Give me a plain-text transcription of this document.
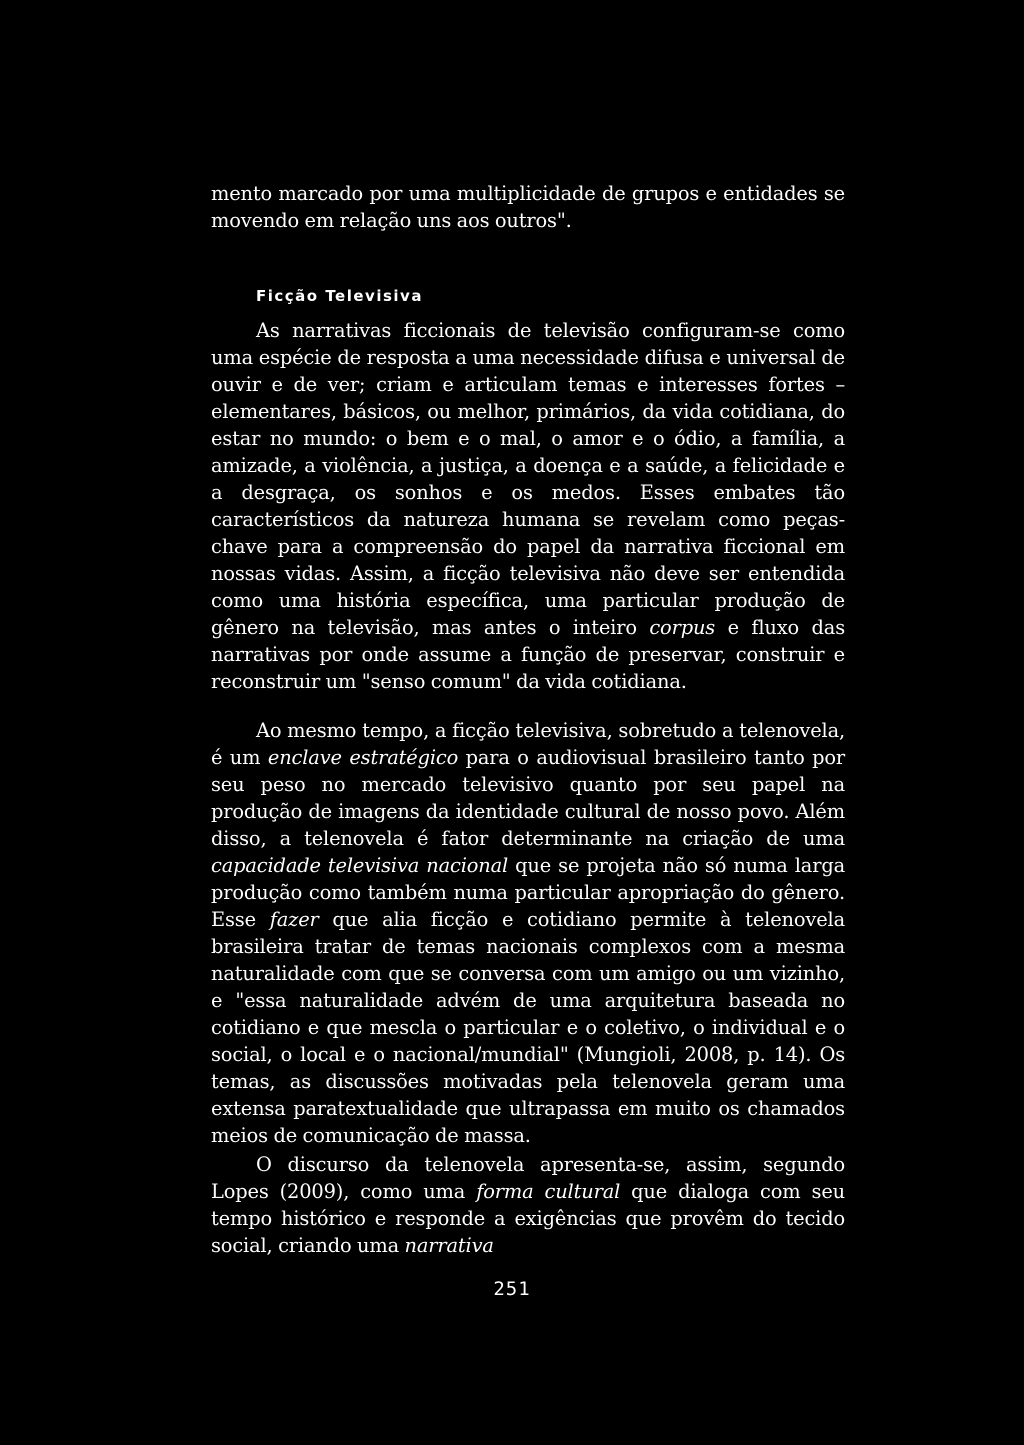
mento marcado por uma multiplicidade de grupos e entidades se movendo em relação uns aos outros".

Ficção Televisiva

As narrativas ficcionais de televisão configuram-se como uma espécie de resposta a uma necessidade difusa e universal de ouvir e de ver; criam e articulam temas e interesses fortes – elementares, básicos, ou melhor, primários, da vida cotidiana, do estar no mundo: o bem e o mal, o amor e o ódio, a família, a amizade, a violência, a justiça, a doença e a saúde, a felicidade e a desgraça, os sonhos e os medos. Esses embates tão característicos da natureza humana se revelam como peças-chave para a compreensão do papel da narrativa ficcional em nossas vidas. Assim, a ficção televisiva não deve ser entendida como uma história específica, uma particular produção de gênero na televisão, mas antes o inteiro corpus e fluxo das narrativas por onde assume a função de preservar, construir e reconstruir um "senso comum" da vida cotidiana.

Ao mesmo tempo, a ficção televisiva, sobretudo a telenovela, é um enclave estratégico para o audiovisual brasileiro tanto por seu peso no mercado televisivo quanto por seu papel na produção de imagens da identidade cultural de nosso povo. Além disso, a telenovela é fator determinante na criação de uma capacidade televisiva nacional que se projeta não só numa larga produção como também numa particular apropriação do gênero. Esse fazer que alia ficção e cotidiano permite à telenovela brasileira tratar de temas nacionais complexos com a mesma naturalidade com que se conversa com um amigo ou um vizinho, e "essa naturalidade advém de uma arquitetura baseada no cotidiano e que mescla o particular e o coletivo, o individual e o social, o local e o nacional/mundial" (Mungioli, 2008, p. 14). Os temas, as discussões motivadas pela telenovela geram uma extensa paratextualidade que ultrapassa em muito os chamados meios de comunicação de massa.

O discurso da telenovela apresenta-se, assim, segundo Lopes (2009), como uma forma cultural que dialoga com seu tempo histórico e responde a exigências que provêm do tecido social, criando uma narrativa

251
